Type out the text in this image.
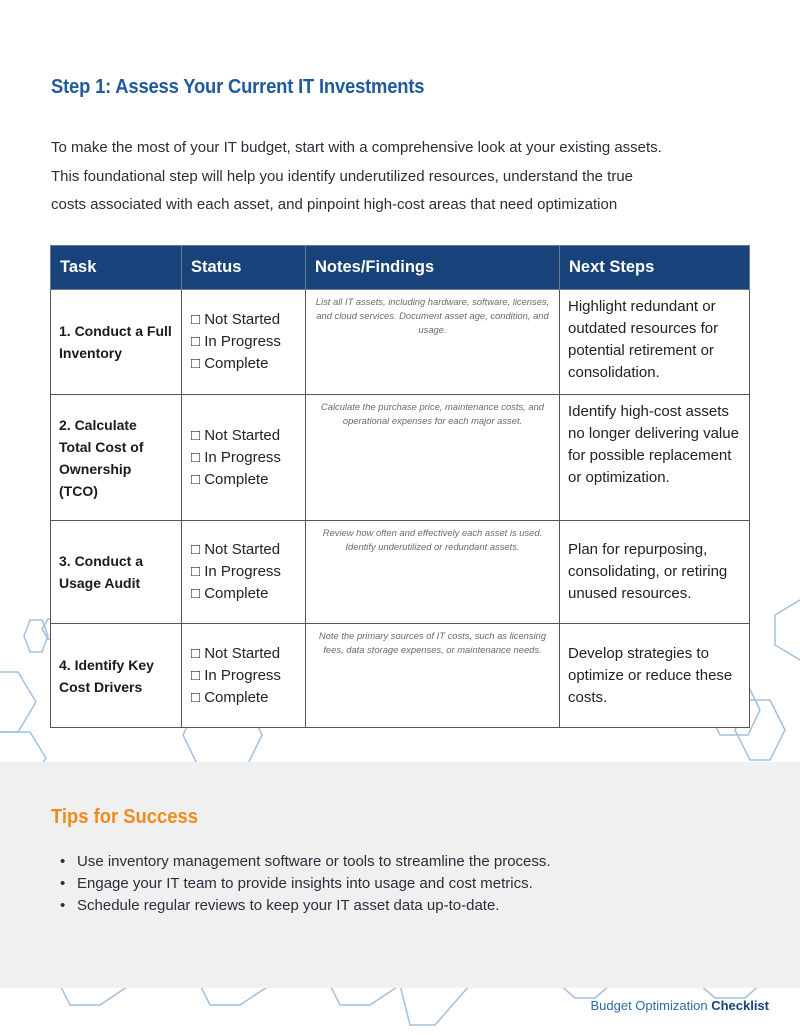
Step 1: Assess Your Current IT Investments
To make the most of your IT budget, start with a comprehensive look at your existing assets.
This foundational step will help you identify underutilized resources, understand the true
costs associated with each asset, and pinpoint high-cost areas that need optimization
Task	Status	Notes/Findings	Next Steps
1. Conduct a Full Inventory	□ Not Started
□ In Progress
□ Complete	List all IT assets, including hardware, software, licenses, and cloud services. Document asset age, condition, and usage.	Highlight redundant or outdated resources for potential retirement or consolidation.
2. Calculate Total Cost of Ownership (TCO)	□ Not Started
□ In Progress
□ Complete	Calculate the purchase price, maintenance costs, and operational expenses for each major asset.	Identify high-cost assets no longer delivering value for possible replacement or optimization.
3. Conduct a Usage Audit	□ Not Started
□ In Progress
□ Complete	Review how often and effectively each asset is used. Identify underutilized or redundant assets.	Plan for repurposing, consolidating, or retiring unused resources.
4. Identify Key Cost Drivers	□ Not Started
□ In Progress
□ Complete	Note the primary sources of IT costs, such as licensing fees, data storage expenses, or maintenance needs.	Develop strategies to optimize or reduce these costs.
Tips for Success
• Use inventory management software or tools to streamline the process.
• Engage your IT team to provide insights into usage and cost metrics.
• Schedule regular reviews to keep your IT asset data up-to-date.
Budget Optimization Checklist
